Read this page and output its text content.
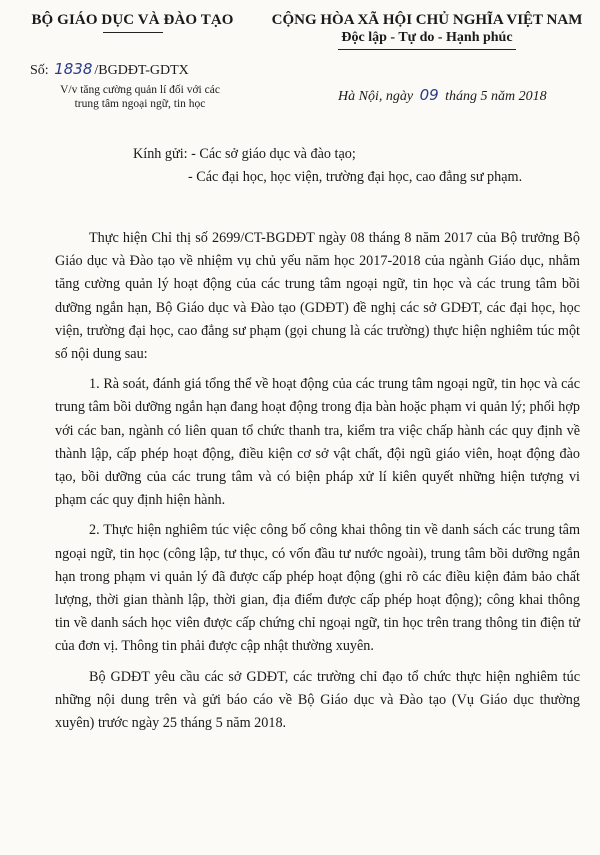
BỘ GIÁO DỤC VÀ ĐÀO TẠO	CỘNG HÒA XÃ HỘI CHỦ NGHĨA VIỆT NAM
Độc lập - Tự do - Hạnh phúc
Số: 1838 /BGDĐT-GDTX
V/v tăng cường quản lí đối với các
trung tâm ngoại ngữ, tin học	Hà Nội, ngày 09 tháng 5 năm 2018
Kính gửi: - Các sở giáo dục và đào tạo;
- Các đại học, học viện, trường đại học, cao đẳng sư phạm.

Thực hiện Chỉ thị số 2699/CT-BGDĐT ngày 08 tháng 8 năm 2017 của Bộ trưởng Bộ Giáo dục và Đào tạo về nhiệm vụ chủ yếu năm học 2017-2018 của ngành Giáo dục, nhằm tăng cường quản lý hoạt động của các trung tâm ngoại ngữ, tin học và các trung tâm bồi dưỡng ngắn hạn, Bộ Giáo dục và Đào tạo (GDĐT) đề nghị các sở GDĐT, các đại học, học viện, trường đại học, cao đẳng sư phạm (gọi chung là các trường) thực hiện nghiêm túc một số nội dung sau:

1. Rà soát, đánh giá tổng thể về hoạt động của các trung tâm ngoại ngữ, tin học và các trung tâm bồi dưỡng ngắn hạn đang hoạt động trong địa bàn hoặc phạm vi quản lý; phối hợp với các ban, ngành có liên quan tổ chức thanh tra, kiểm tra việc chấp hành các quy định về thành lập, cấp phép hoạt động, điều kiện cơ sở vật chất, đội ngũ giáo viên, hoạt động đào tạo, bồi dưỡng của các trung tâm và có biện pháp xử lí kiên quyết những hiện tượng vi phạm các quy định hiện hành.

2. Thực hiện nghiêm túc việc công bố công khai thông tin về danh sách các trung tâm ngoại ngữ, tin học (công lập, tư thục, có vốn đầu tư nước ngoài), trung tâm bồi dưỡng ngắn hạn trong phạm vi quản lý đã được cấp phép hoạt động (ghi rõ các điều kiện đảm bảo chất lượng, thời gian thành lập, thời gian, địa điểm được cấp phép hoạt động); công khai thông tin về danh sách học viên được cấp chứng chỉ ngoại ngữ, tin học trên trang thông tin điện tử của đơn vị. Thông tin phải được cập nhật thường xuyên.

Bộ GDĐT yêu cầu các sở GDĐT, các trường chỉ đạo tổ chức thực hiện nghiêm túc những nội dung trên và gửi báo cáo về Bộ Giáo dục và Đào tạo (Vụ Giáo dục thường xuyên) trước ngày 25 tháng 5 năm 2018.
